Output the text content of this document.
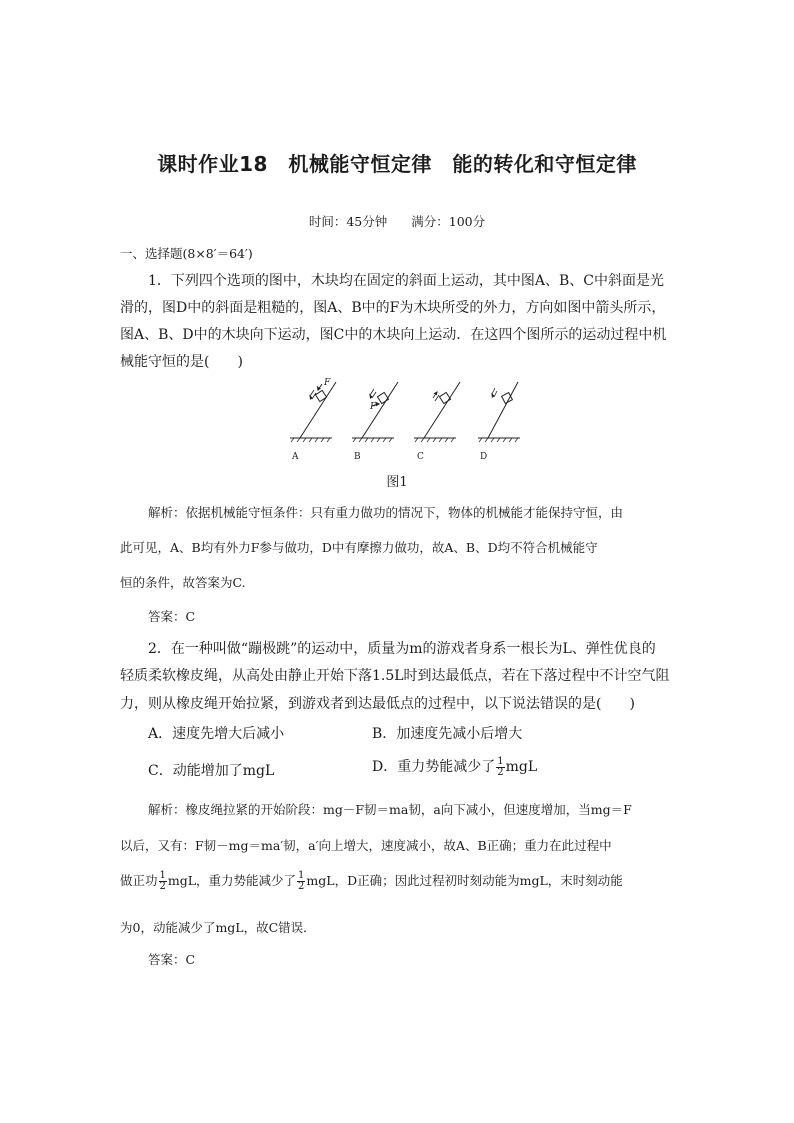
课时作业18　机械能守恒定律　能的转化和守恒定律
时间：45分钟 满分：100分
一、选择题(8×8′＝64′)
1．下列四个选项的图中，木块均在固定的斜面上运动，其中图A、B、C中斜面是光
滑的，图D中的斜面是粗糙的，图A、B中的F为木块所受的外力，方向如图中箭头所示，
图A、B、D中的木块向下运动，图C中的木块向上运动．在这四个图所示的运动过程中机
械能守恒的是(　　)
F
F
A	B	C	D
图1
解析：依据机械能守恒条件：只有重力做功的情况下，物体的机械能才能保持守恒，由
此可见，A、B均有外力F参与做功，D中有摩擦力做功，故A、B、D均不符合机械能守
恒的条件，故答案为C.
答案：C
2．在一种叫做“蹦极跳”的运动中，质量为m的游戏者身系一根长为L、弹性优良的
轻质柔软橡皮绳，从高处由静止开始下落1.5L时到达最低点，若在下落过程中不计空气阻
力，则从橡皮绳开始拉紧，到游戏者到达最低点的过程中，以下说法错误的是(　　)
A．速度先增大后减小	B．加速度先减小后增大
C．动能增加了mgL	D．重力势能减少了 $\frac{1}{2}$ mgL
解析：橡皮绳拉紧的开始阶段：mg－F韧＝ma韧，a向下减小，但速度增加，当mg＝F
以后，又有：F韧－mg＝ma′韧，a′向上增大，速度减小，故A、B正确；重力在此过程中
做正功 $\frac{1}{2}$ mgL，重力势能减少了 $\frac{1}{2}$ mgL，D正确；因此过程初时刻动能为mgL，末时刻动能
为0，动能减少了mgL，故C错误．
答案：C
